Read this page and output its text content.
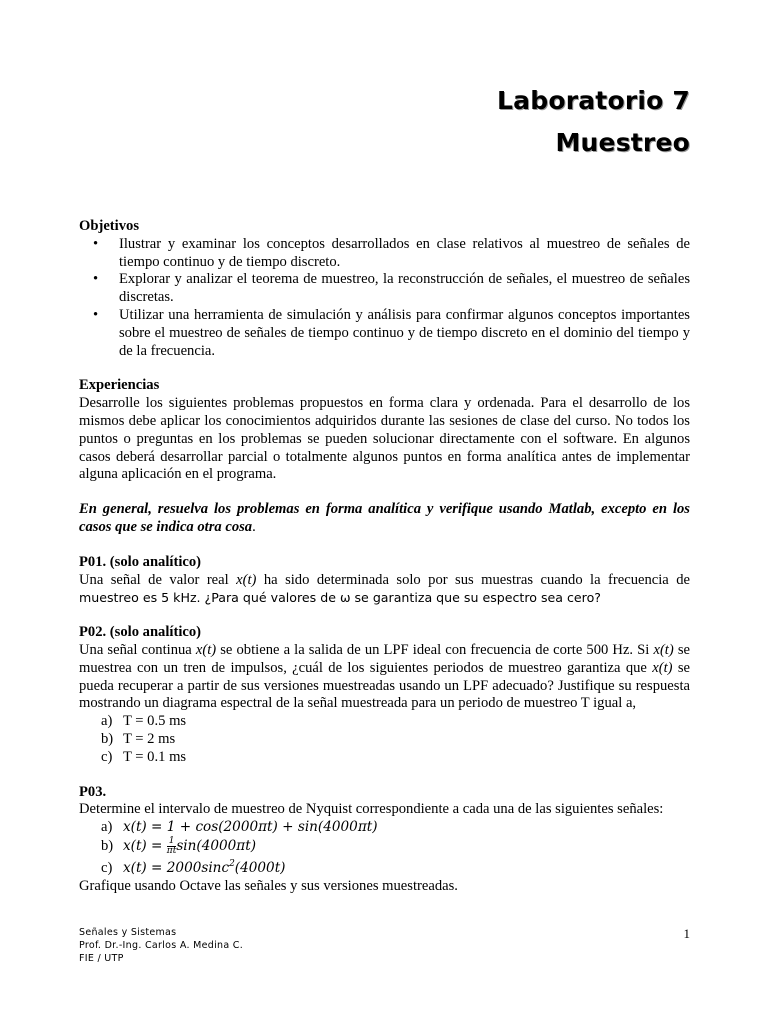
Laboratorio 7
Muestreo

Objetivos

• Ilustrar y examinar los conceptos desarrollados en clase relativos al muestreo de señales de tiempo continuo y de tiempo discreto.
• Explorar y analizar el teorema de muestreo, la reconstrucción de señales, el muestreo de señales discretas.
• Utilizar una herramienta de simulación y análisis para confirmar algunos conceptos importantes sobre el muestreo de señales de tiempo continuo y de tiempo discreto en el dominio del tiempo y de la frecuencia.

Experiencias

Desarrolle los siguientes problemas propuestos en forma clara y ordenada. Para el desarrollo de los mismos debe aplicar los conocimientos adquiridos durante las sesiones de clase del curso. No todos los puntos o preguntas en los problemas se pueden solucionar directamente con el software. En algunos casos deberá desarrollar parcial o totalmente algunos puntos en forma analítica antes de implementar alguna aplicación en el programa.

En general, resuelva los problemas en forma analítica y verifique usando Matlab, excepto en los casos que se indica otra cosa.

P01. (solo analítico)

Una señal de valor real x(t) ha sido determinada solo por sus muestras cuando la frecuencia de

muestreo es 5 kHz. ¿Para qué valores de ω se garantiza que su espectro sea cero?

P02. (solo analítico)

Una señal continua x(t) se obtiene a la salida de un LPF ideal con frecuencia de corte 500 Hz. Si x(t) se muestrea con un tren de impulsos, ¿cuál de los siguientes periodos de muestreo garantiza que x(t) se pueda recuperar a partir de sus versiones muestreadas usando un LPF adecuado? Justifique su respuesta mostrando un diagrama espectral de la señal muestreada para un periodo de muestreo T igual a,

a) T = 0.5 ms
b) T = 2 ms
c) T = 0.1 ms

P03.

Determine el intervalo de muestreo de Nyquist correspondiente a cada una de las siguientes señales:

a) x(t) = 1 + cos(2000πt) + sin(4000πt)
b) $x(t) = \frac{1}{\pi t} \sin(4000\pi t)$
c) x(t) = 2000sinc$^2$(4000t)

Grafique usando Octave las señales y sus versiones muestreadas.

Señales y Sistemas
Prof. Dr.-Ing. Carlos A. Medina C.
FIE / UTP
1
